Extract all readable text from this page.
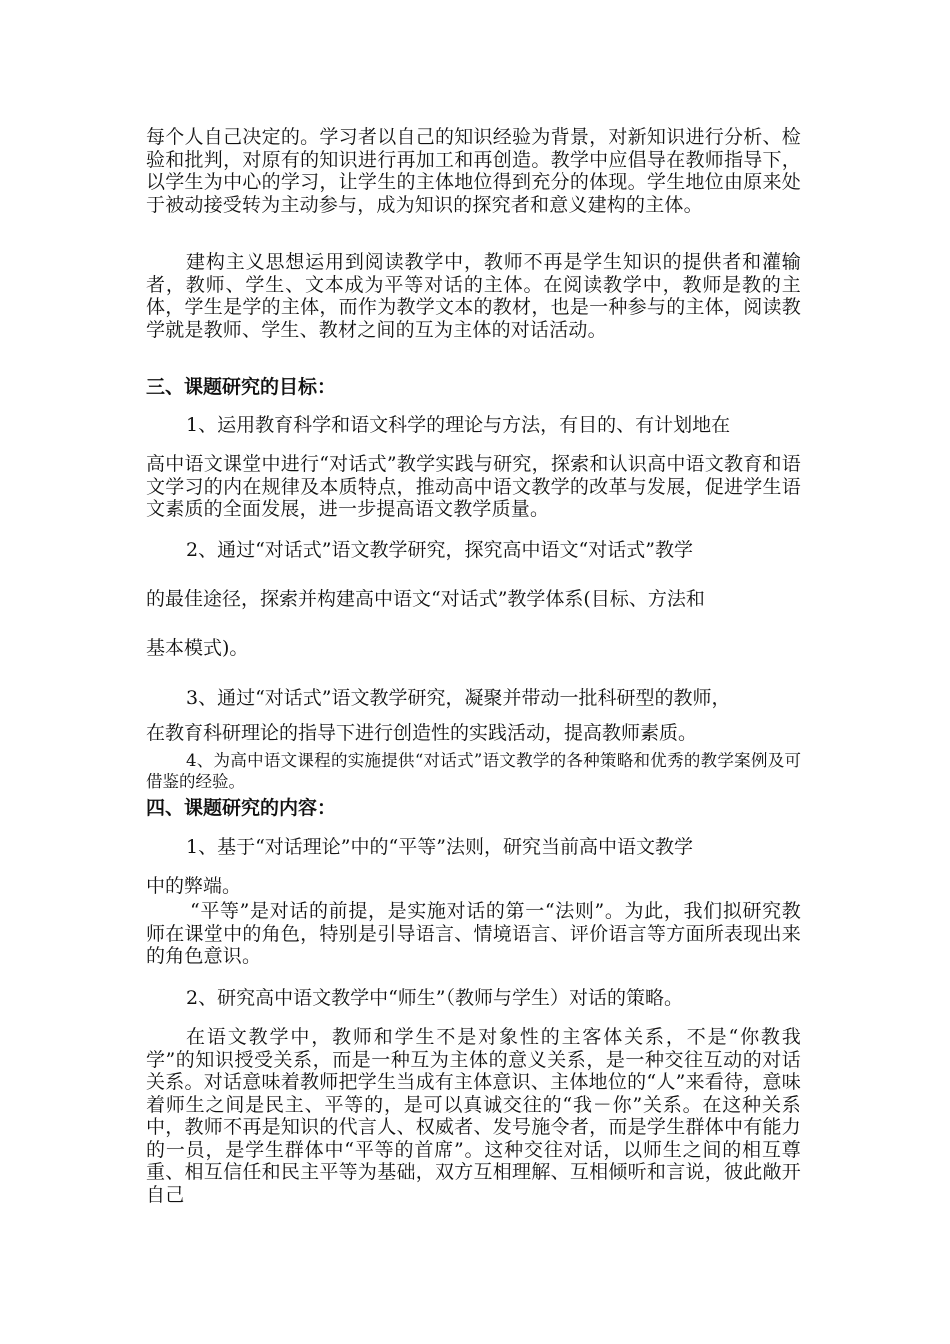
每个人自己决定的。学习者以自己的知识经验为背景，对新知识进行分析、检验和批判，对原有的知识进行再加工和再创造。教学中应倡导在教师指导下，以学生为中心的学习，让学生的主体地位得到充分的体现。学生地位由原来处于被动接受转为主动参与，成为知识的探究者和意义建构的主体。

建构主义思想运用到阅读教学中，教师不再是学生知识的提供者和灌输者，教师、学生、文本成为平等对话的主体。在阅读教学中，教师是教的主体，学生是学的主体，而作为教学文本的教材，也是一种参与的主体，阅读教学就是教师、学生、教材之间的互为主体的对话活动。

三、课题研究的目标：

1、运用教育科学和语文科学的理论与方法，有目的、有计划地在

高中语文课堂中进行“对话式”教学实践与研究，探索和认识高中语文教育和语文学习的内在规律及本质特点，推动高中语文教学的改革与发展，促进学生语文素质的全面发展，进一步提高语文教学质量。

2、通过“对话式”语文教学研究，探究高中语文“对话式”教学

的最佳途径，探索并构建高中语文“对话式”教学体系(目标、方法和

基本模式)。

3、通过“对话式”语文教学研究，凝聚并带动一批科研型的教师，

在教育科研理论的指导下进行创造性的实践活动，提高教师素质。

4、为高中语文课程的实施提供“对话式”语文教学的各种策略和优秀的教学案例及可借鉴的经验。

四、课题研究的内容：

1、基于“对话理论”中的“平等”法则，研究当前高中语文教学

中的弊端。

“平等”是对话的前提，是实施对话的第一“法则”。为此，我们拟研究教师在课堂中的角色，特别是引导语言、情境语言、评价语言等方面所表现出来的角色意识。

2、研究高中语文教学中“师生”（教师与学生）对话的策略。

在语文教学中，教师和学生不是对象性的主客体关系，不是“你教我学”的知识授受关系，而是一种互为主体的意义关系，是一种交往互动的对话关系。对话意味着教师把学生当成有主体意识、主体地位的“人”来看待，意味着师生之间是民主、平等的，是可以真诚交往的“我－你”关系。在这种关系中，教师不再是知识的代言人、权威者、发号施令者，而是学生群体中有能力的一员，是学生群体中“平等的首席”。这种交往对话，以师生之间的相互尊重、相互信任和民主平等为基础，双方互相理解、互相倾听和言说，彼此敞开自己
